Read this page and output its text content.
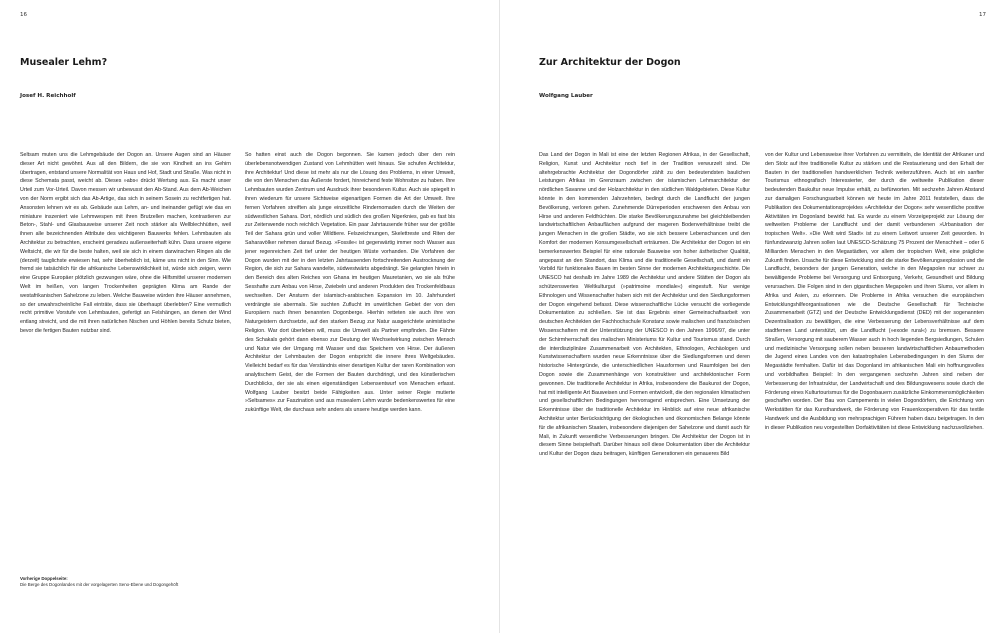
16
Musealer Lehm?
Josef H. Reichholf

Seltsam muten uns die Lehmgebäude der Dogon an. Unsere Augen sind an Häuser dieser Art nicht gewöhnt. Aus all den Bildern, die sie von Kindheit an ins Gehirn übertragen, entstand unsere Normalität von Haus und Hof, Stadt und Straße. Was nicht in diese Schemata passt, weicht ab. Dieses »abs« drückt Wertung aus. Es macht unser Urteil zum Vor-Urteil. Davon messen wir unbewusst den Ab-Stand. Aus dem Ab-Weichen von der Norm ergibt sich das Ab-Artige, das sich in seinem Sosein zu rechtfertigen hat. Ansonsten lehnen wir es ab. Gebäude aus Lehm, an- und ineinander gefügt wie das en miniature inszeniert wie Lehmwespen mit ihren Brutzellen machen, kontrastieren zur Beton-, Stahl- und Glasbauweise unserer Zeit noch stärker als Wellblechhütten, weil ihnen alle bezeichnenden Attribute des wichtigeren Bauwerks fehlen. Lehmbauten als Architektur zu betrachten, erscheint geradezu außenseiterhaft kühn. Dass unsere eigene Weltsicht, die wir für die beste halten, weil sie sich in einem darwinschen Ringen als die (derzeit) tauglichste erwiesen hat, sehr überheblich ist, käme uns nicht in den Sinn. Wie fremd sie tatsächlich für die afrikanische Lebenswirklichkeit ist, würde sich zeigen, wenn eine Gruppe Europäer plötzlich gezwungen wäre, ohne die Hilfsmittel unserer modernen Welt im heißen, von langen Trockenheiten geprägten Klima am Rande der westafrikanischen Sahelzone zu leben. Welche Bauweise würden ihre Häuser annehmen, so der unwahrscheinliche Fall einträte, dass sie überhaupt überlebten? Eine vermutlich recht primitive Vorstufe von Lehmbauten, gefertigt an Felshängen, an denen der Wind entlang streicht, und die mit ihren natürlichen Nischen und Höhlen bereits Schutz bieten, bevor die fertigen Bauten nutzbar sind.

So hatten einst auch die Dogon begonnen. Sie kamen jedoch über den rein überlebensnotwendigen Zustand von Lehmhütten weit hinaus. Sie schufen Architektur, ihre Architektur! Und diese ist mehr als nur die Lösung des Problems, in einer Umwelt, die von den Menschen das Äußerste fordert, hinreichend feste Wohnsitze zu haben. Ihre Lehmbauten wurden Zentrum und Ausdruck ihrer besonderen Kultur. Auch sie spiegelt in ihren wiederum für unsere Sichtweise eigenartigen Formen die Art der Umwelt. Ihre fernen Vorfahren streiften als junge einzeitliche Rindernomaden durch die Weiten der südwestlichen Sahara. Dort, nördlich und südlich des großen Nigerknies, gab es fast bis zur Zeitenwende noch reichlich Vegetation. Ein paar Jahrtausende früher war der größte Teil der Sahara grün und voller Wildtiere. Felszeichnungen, Skelettreste und Riten der Saharavölker nehmen darauf Bezug. »Fossile« ist gegenwärtig immer noch Wasser aus jener regenreichen Zeit tief unter der heutigen Wüste vorhanden. Die Vorfahren der Dogon wurden mit der in den letzten Jahrtausenden fortschreitenden Austrocknung der Region, die sich zur Sahara wandelte, südwestwärts abgedrängt. Sie gelangten hinein in den Bereich des alten Reiches von Ghana im heutigen Mauretanien, wo sie als frühe Sesshafte zum Anbau von Hirse, Zwiebeln und anderen Produkten des Trockenfeldbaus wechselten. Der Ansturm der islamisch-arabischen Expansion im 10. Jahrhundert verdrängte sie abermals. Sie suchten Zuflucht im unwirtlichen Gebiet der von den Europäern nach ihnen benannten Dogonberge. Hierhin retteten sie auch ihre von Naturgeistern durchsetzte, auf den starken Bezug zur Natur ausgerichtete animistische Religion. War dort überleben will, muss die Umwelt als Partner empfinden. Die Fährte des Schakals gehört dann ebenso zur Deutung der Wechselwirkung zwischen Mensch und Natur wie der Umgang mit Wasser und das Speichern von Hirse. Der äußeren Architektur der Lehmbauten der Dogon entspricht die innere ihres Weltgebäudes. Vielleicht bedarf es für das Verständnis einer derartigen Kultur der raren Kombination von analytischem Geist, der die Formen der Bauten durchdringt, und des künstlerischen Durchblicks, der sie als einen eigenständigen Lebensentwurf von Menschen erfasst. Wolfgang Lauber besitzt beide Fähigkeiten aus. Unter seiner Regie mutierte »Seltsames« zur Faszination und aus musealem Lehm wurde bedenkenswertes für eine zukünftige Welt, die durchaus sehr anders als unsere heutige werden kann.

Vorherige Doppelseite:
Die Berge des Dogonlandes mit der vorgelagerten Seno-Ebene und Dogongehöft
17
Zur Architektur der Dogon
Wolfgang Lauber

Das Land der Dogon in Mali ist eine der letzten Regionen Afrikas, in der Gesellschaft, Religion, Kunst und Architektur noch tief in der Tradition verwurzelt sind. Die altehrgebrachte Architektur der Dogondörfer zählt zu den bedeutendsten baulichen Leistungen Afrikas im Grenzraum zwischen der islamischen Lehmarchitektur der nördlichen Savanne und der Holzarchitektur in den südlichen Waldgebieten. Diese Kultur könnte in den kommenden Jahrzehnten, bedingt durch die Landflucht der jungen Bevölkerung, verloren gehen. Zunehmende Dürreperioden erschweren den Anbau von Hirse und anderen Feldfrüchten. Die starke Bevölkerungszunahme bei gleichbleibenden landwirtschaftlichen Anbauflächen aufgrund der mageren Bodenverhältnisse treibt die jungen Menschen in die großen Städte, wo sie sich bessere Lebenschancen und den Komfort der modernen Konsumgesellschaft erträumen. Die Architektur der Dogon ist ein bemerkenswertes Beispiel für eine rationale Bauweise von hoher ästhetischer Qualität, angepasst an den Standort, das Klima und die traditionelle Gesellschaft, und damit ein Vorbild für funktionales Bauen im besten Sinne der modernen Architekturgeschichte. Die UNESCO hat deshalb im Jahre 1989 die Architektur und andere Stätten der Dogon als schützenswertes Weltkulturgut (»patrimoine mondiale«) eingestuft. Nur wenige Ethnologen und Wissenschafter haben sich mit der Architektur und den Siedlungsformen der Dogon eingehend befasst. Diese wissenschaftliche Lücke versucht die vorliegende Dokumentation zu schließen. Sie ist das Ergebnis einer Gemeinschaftsarbeit von deutschen Architekten der Fachhochschule Konstanz sowie malischen und französischen Wissenschaftern mit der Unterstützung der UNESCO in den Jahren 1996/97, die unter der Schirmherrschaft des malischen Ministeriums für Kultur und Tourismus stand. Durch die interdisziplinäre Zusammenarbeit von Architekten, Ethnologen, Archäologen und Kunstwissenschaftern wurden neue Erkenntnisse über die Siedlungsformen und deren historische Hintergründe, die unterschiedlichen Hausformen und Raumfolgen bei den Dogon sowie die Zusammenhänge von konstruktiver und architektonischer Form gewonnen. Die traditionelle Architektur in Afrika, insbesondere die Baukunst der Dogon, hat mit intelligente Art Bauweisen und Formen entwickelt, die den regionalen klimatischen und gesellschaftlichen Bedingungen hervorragend entsprechen. Eine Umsetzung der Erkenntnisse über die traditionelle Architektur im Hinblick auf eine neue afrikanische Architektur unter Berücksichtigung der ökologischen und ökonomischen Belange könnte für die afrikanischen Staaten, insbesondere diejenigen der Sahelzone und damit auch für Mali, in Zukunft wesentliche Verbesserungen bringen. Die Architektur der Dogon ist in diesem Sinne beispielhaft. Darüber hinaus soll diese Dokumentation über die Architektur und Kultur der Dogon dazu beitragen, künftigen Generationen ein genaueres Bild

von der Kultur und Lebensweise ihrer Vorfahren zu vermitteln, die Identität der Afrikaner und den Stolz auf ihre traditionelle Kultur zu stärken und die Restaurierung und den Erhalt der Bauten in der traditionellen handwerklichen Technik weiterzuführen. Auch ist ein sanfter Tourismus ethnografisch Interessierter, der durch die weltweite Publikation dieser bedeutenden Baukultur neue Impulse erhält, zu befürworten. Mit sechzehn Jahren Abstand zur damaligen Forschungsarbeit können wir heute im Jahre 2011 feststellen, dass die Publikation des Dokumentationsprojektes »Architektur der Dogon« sehr wesentliche positive Aktivitäten im Dogonland bewirkt hat. Es wurde zu einem Vorzeigeprojekt zur Lösung der weltweiten Probleme der Landflucht und der damit verbundenen »Urbanisation der tropischen Welt«. »Die Welt wird Stadt« ist zu einem Leitwort unserer Zeit geworden. In fünfundzwanzig Jahren sollen laut UNESCO-Schätzung 75 Prozent der Menschheit – oder 6 Milliarden Menschen in den Megastädten, vor allem der tropischen Welt, eine prägliche Zukunft finden. Ursache für diese Entwicklung sind die starke Bevölkerungsexplosion und die Landflucht, besonders der jungen Generation, welche in den Megapolen nur schwer zu bewältigende Probleme bei Versorgung und Entsorgung, Verkehr, Gesundheit und Bildung verursachen. Die Folgen sind in den gigantischen Megapolen und ihren Slums, vor allem in Afrika und Asien, zu erkennen. Die Probleme in Afrika versuchen die europäischen Entwicklungshilfeorganisationen wie die Deutsche Gesellschaft für Technische Zusammenarbeit (GTZ) und der Deutsche Entwicklungsdienst (DED) mit der sogenannten Dezentralisation zu bewältigen, die eine Verbesserung der Lebensverhältnisse auf dem stadtfernen Land unterstützt, um die Landflucht (»exode rural«) zu bremsen. Bessere Straßen, Versorgung mit sauberem Wasser auch in hoch liegenden Bergsiedlungen, Schulen und medizinische Versorgung sollen neben besseren landwirtschaftlichen Anbaumethoden die Jugend eines Landes von den katastrophalen Lebensbedingungen in den Slums der Megastädte fernhalten. Dafür ist das Dogonland im afrikanischen Mali ein hoffnungsvolles und vorbildhaftes Beispiel: In den vergangenen sechzehn Jahren sind neben der Verbesserung der Infrastruktur, der Landwirtschaft und des Bildungswesens sowie durch die Förderung eines Kulturtourismus für die Dogonbauern zusätzliche Einkommensmöglichkeiten geschaffen worden. Der Bau von Campements in vielen Dogondörfern, die Errichtung von Werkstätten für das Kunsthandwerk, die Förderung von Frauenkooperativen für das textile Handwerk und die Ausbildung von mehrsprachigen Führern haben dazu beigetragen. In den in dieser Publikation neu vorgestellten Dorfaktivitäten ist diese Entwicklung nachzuvollziehen.
